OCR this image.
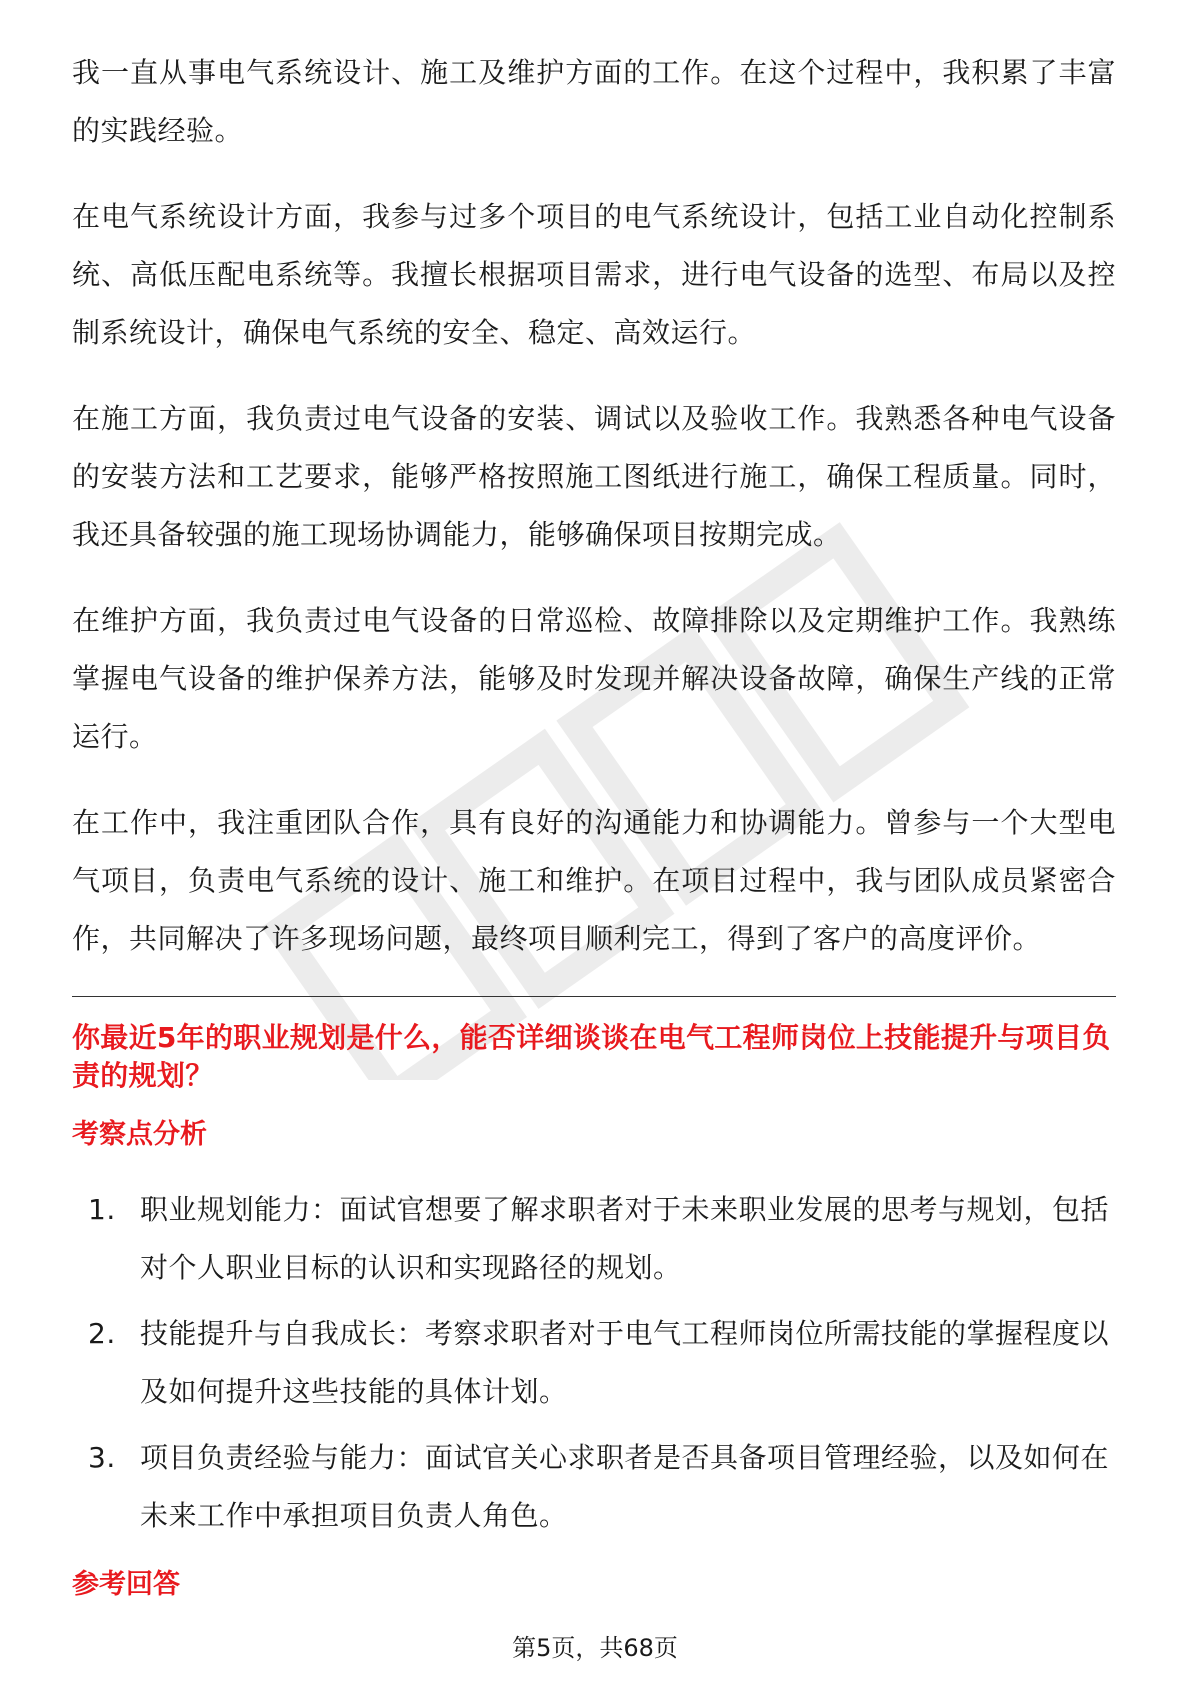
我一直从事电气系统设计、施工及维护方面的工作。在这个过程中，我积累了丰富的实践经验。

在电气系统设计方面，我参与过多个项目的电气系统设计，包括工业自动化控制系统、高低压配电系统等。我擅长根据项目需求，进行电气设备的选型、布局以及控制系统设计，确保电气系统的安全、稳定、高效运行。

在施工方面，我负责过电气设备的安装、调试以及验收工作。我熟悉各种电气设备的安装方法和工艺要求，能够严格按照施工图纸进行施工，确保工程质量。同时，我还具备较强的施工现场协调能力，能够确保项目按期完成。

在维护方面，我负责过电气设备的日常巡检、故障排除以及定期维护工作。我熟练掌握电气设备的维护保养方法，能够及时发现并解决设备故障，确保生产线的正常运行。

在工作中，我注重团队合作，具有良好的沟通能力和协调能力。曾参与一个大型电气项目，负责电气系统的设计、施工和维护。在项目过程中，我与团队成员紧密合作，共同解决了许多现场问题，最终项目顺利完工，得到了客户的高度评价。

你最近5年的职业规划是什么，能否详细谈谈在电气工程师岗位上技能提升与项目负责的规划？
考察点分析
1. 职业规划能力：面试官想要了解求职者对于未来职业发展的思考与规划，包括对个人职业目标的认识和实现路径的规划。
2. 技能提升与自我成长：考察求职者对于电气工程师岗位所需技能的掌握程度以及如何提升这些技能的具体计划。
3. 项目负责经验与能力：面试官关心求职者是否具备项目管理经验，以及如何在未来工作中承担项目负责人角色。
参考回答
第5页，共68页
